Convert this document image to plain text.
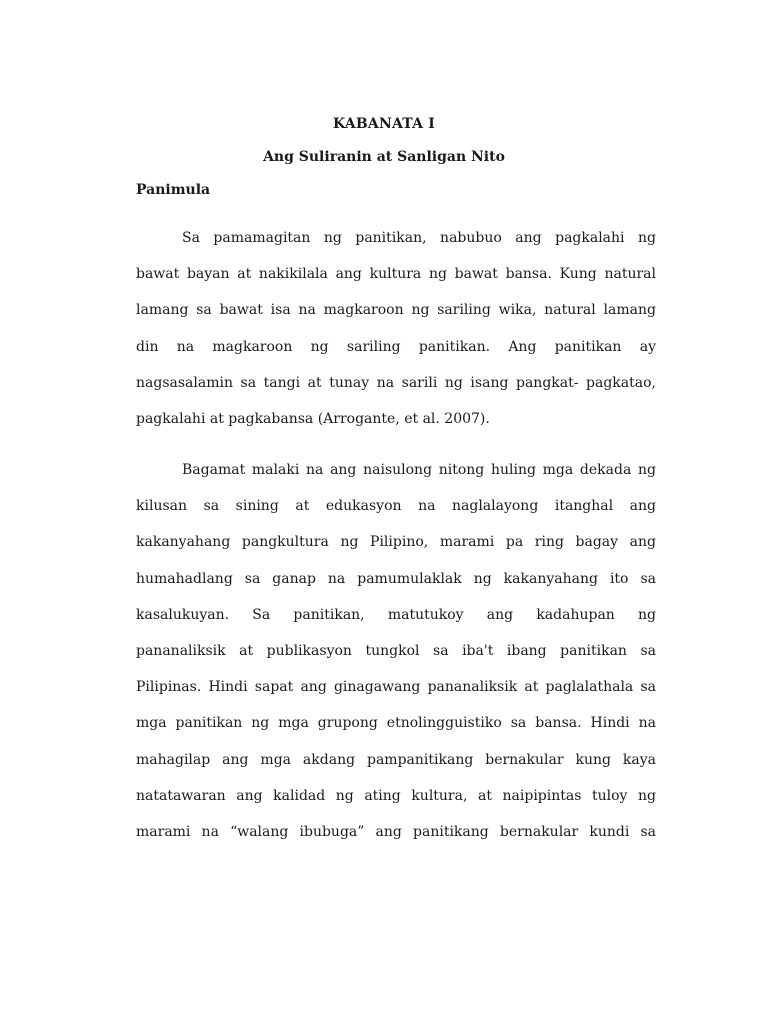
KABANATA I
Ang Suliranin at Sanligan Nito
Panimula
Sa pamamagitan ng panitikan, nabubuo ang pagkalahi ng
bawat bayan at nakikilala ang kultura ng bawat bansa. Kung natural
lamang sa bawat isa na magkaroon ng sariling wika, natural lamang
din na magkaroon ng sariling panitikan. Ang panitikan ay
nagsasalamin sa tangi at tunay na sarili ng isang pangkat- pagkatao,
pagkalahi at pagkabansa (Arrogante, et al. 2007).
Bagamat malaki na ang naisulong nitong huling mga dekada ng
kilusan sa sining at edukasyon na naglalayong itanghal ang
kakanyahang pangkultura ng Pilipino, marami pa ring bagay ang
humahadlang sa ganap na pamumulaklak ng kakanyahang ito sa
kasalukuyan. Sa panitikan, matutukoy ang kadahupan ng
pananaliksik at publikasyon tungkol sa iba't ibang panitikan sa
Pilipinas. Hindi sapat ang ginagawang pananaliksik at paglalathala sa
mga panitikan ng mga grupong etnolingguistiko sa bansa. Hindi na
mahagilap ang mga akdang pampanitikang bernakular kung kaya
natatawaran ang kalidad ng ating kultura, at naipipintas tuloy ng
marami na “walang ibubuga” ang panitikang bernakular kundi sa
